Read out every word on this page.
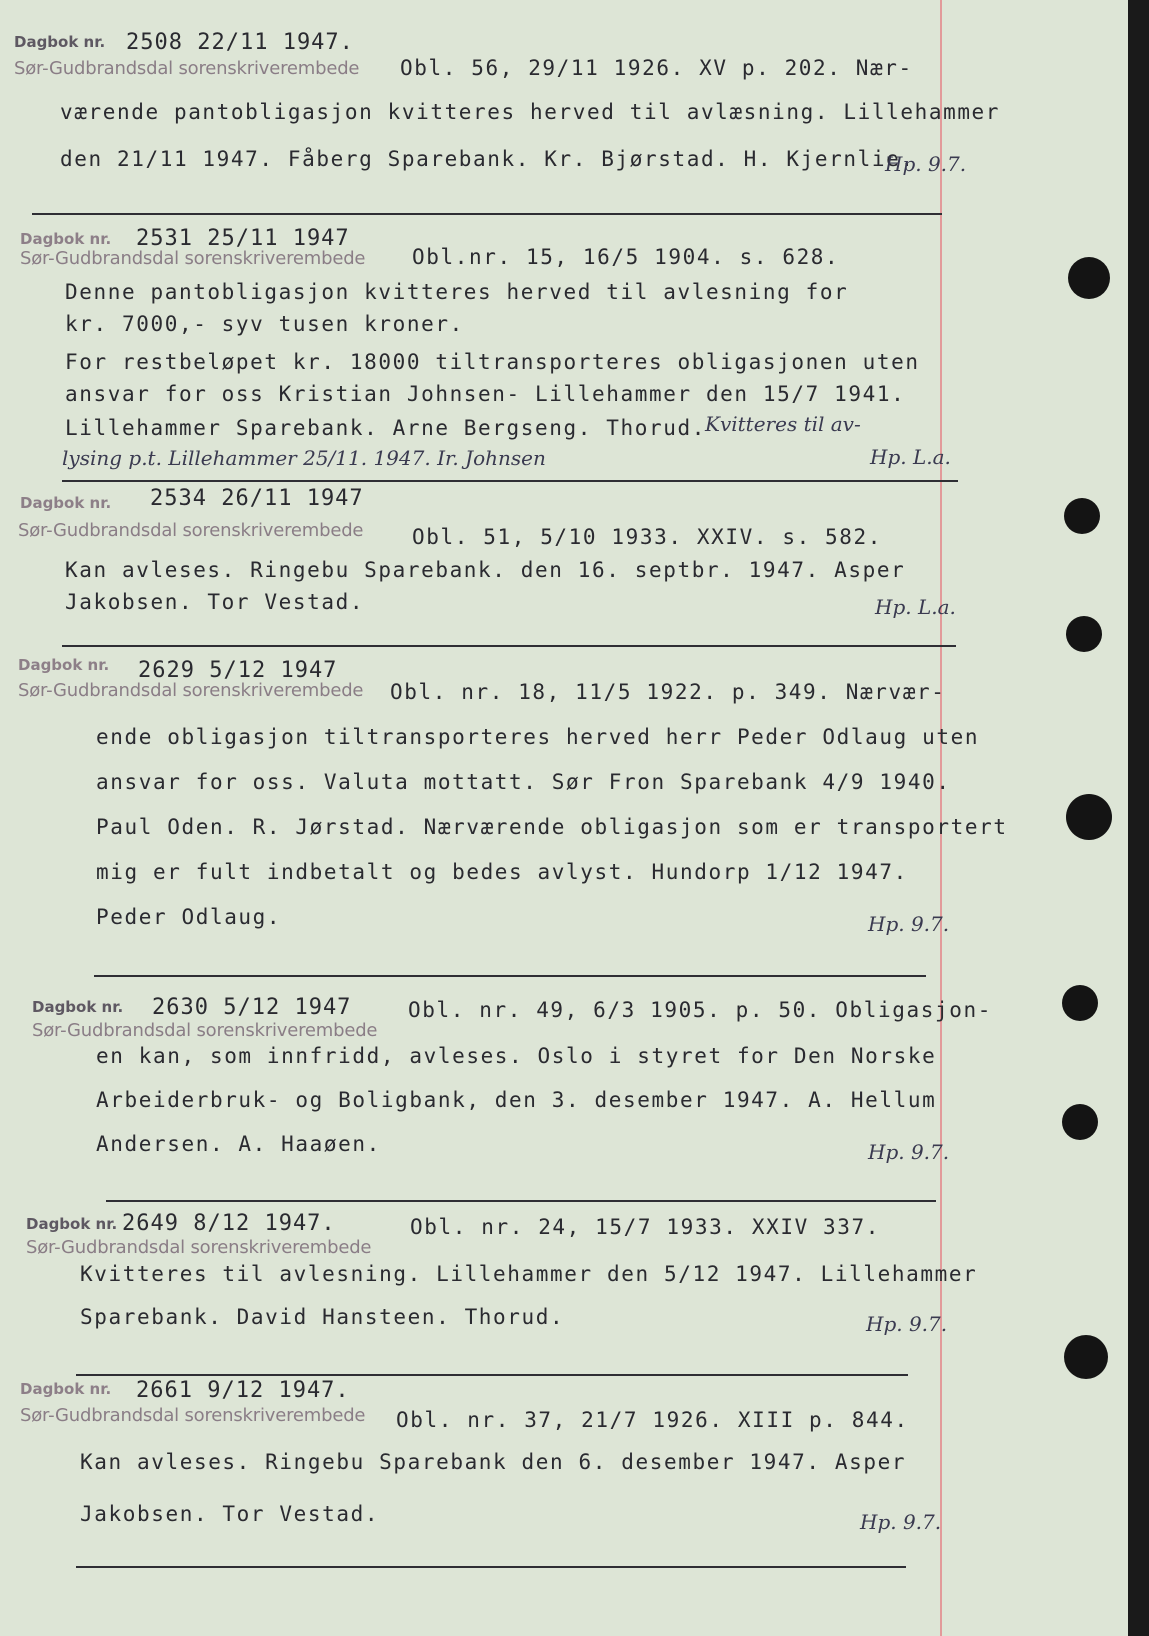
Dagbok nr. 2508 22/11 1947.
Sør-Gudbrandsdal sorenskriverembede Obl. 56, 29/11 1926. XV p. 202. Nær-
værende pantobligasjon kvitteres herved til avlæsning. Lillehammer
den 21/11 1947. Fåberg Sparebank. Kr. Bjørstad. H. Kjernlie.
Hp. 9.7.
Dagbok nr. 2531 25/11 1947
Sør-Gudbrandsdal sorenskriverembede Obl.nr. 15, 16/5 1904. s. 628.
Denne pantobligasjon kvitteres herved til avlesning for
kr. 7000,- syv tusen kroner.
For restbeløpet kr. 18000 tiltransporteres obligasjonen uten
ansvar for oss Kristian Johnsen- Lillehammer den 15/7 1941.
Lillehammer Sparebank. Arne Bergseng. Thorud. Kvitteres til av-
lysing p.t. Lillehammer 25/11. 1947. Ir. Johnsen	Hp. L.a.
Dagbok nr. 2534 26/11 1947
Sør-Gudbrandsdal sorenskriverembede Obl. 51, 5/10 1933. XXIV. s. 582.
Kan avleses. Ringebu Sparebank. den 16. septbr. 1947. Asper
Jakobsen. Tor Vestad.	Hp. L.a.
Dagbok nr. 2629 5/12 1947
Sør-Gudbrandsdal sorenskriverembede Obl. nr. 18, 11/5 1922. p. 349. Nærvær-
ende obligasjon tiltransporteres herved herr Peder Odlaug uten
ansvar for oss. Valuta mottatt. Sør Fron Sparebank 4/9 1940.
Paul Oden. R. Jørstad. Nærværende obligasjon som er transportert
mig er fult indbetalt og bedes avlyst. Hundorp 1/12 1947.
Peder Odlaug.	Hp. 9.7.
Dagbok nr. 2630 5/12 1947
Sør-Gudbrandsdal sorenskriverembede
Obl. nr. 49, 6/3 1905. p. 50. Obligasjon-
en kan, som innfridd, avleses. Oslo i styret for Den Norske
Arbeiderbruk- og Boligbank, den 3. desember 1947. A. Hellum
Andersen. A. Haaøen.	Hp. 9.7.
Dagbok nr. 2649 8/12 1947.
Sør-Gudbrandsdal sorenskriverembede
Obl. nr. 24, 15/7 1933. XXIV 337.
Kvitteres til avlesning. Lillehammer den 5/12 1947. Lillehammer
Sparebank. David Hansteen. Thorud.	Hp. 9.7.
Dagbok nr. 2661 9/12 1947.
Sør-Gudbrandsdal sorenskriverembede Obl. nr. 37, 21/7 1926. XIII p. 844.
Kan avleses. Ringebu Sparebank den 6. desember 1947. Asper
Jakobsen. Tor Vestad.	Hp. 9.7.
